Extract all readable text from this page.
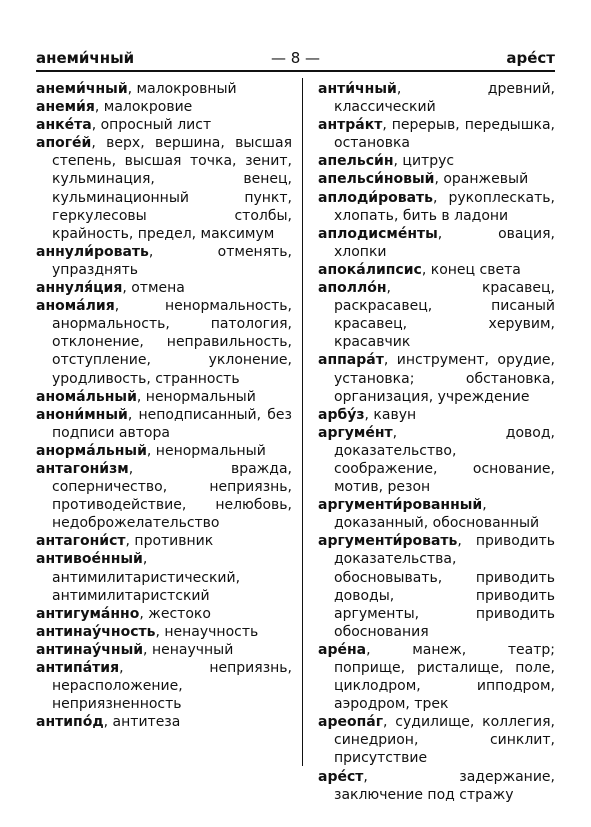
анеми́чный	— 8 —	аре́ст

анеми́чный, малокровный

анеми́я, малокровие

анке́та, опросный лист

апоге́й, верх, вершина, высшая степень, высшая точка, зенит, кульминация, венец, кульминационный пункт, геркулесовы столбы, крайность, предел, максимум

аннули́ровать, отменять, упразднять

аннуля́ция, отмена

анома́лия, ненормальность, анормальность, патология, отклонение, неправильность, отступление, уклонение, уродливость, странность

анома́льный, ненормальный

анони́мный, неподписанный, без подписи автора

анорма́льный, ненормальный

антагони́зм, вражда, соперничество, неприязнь, противодействие, нелюбовь, недоброжелательство

антагони́ст, противник

антивое́нный, антимилитаристический, антимилитаристский

антигума́нно, жестоко

антинау́чность, ненаучность

антинау́чный, ненаучный

антипа́тия, неприязнь, нерасположение, неприязненность

антипо́д, антитеза

анти́чный, древний, классический

антра́кт, перерыв, передышка, остановка

апельси́н, цитрус

апельси́новый, оранжевый

аплоди́ровать, рукоплескать, хлопать, бить в ладони

аплодисме́нты, овация, хлопки

апока́липсис, конец света

аполло́н, красавец, раскрасавец, писаный красавец, херувим, красавчик

аппара́т, инструмент, орудие, установка; обстановка, организация, учреждение

арбу́з, кавун

аргуме́нт, довод, доказательство, соображение, основание, мотив, резон

аргументи́рованный, доказанный, обоснованный

аргументи́ровать, приводить доказательства, обосновывать, приводить доводы, приводить аргументы, приводить обоснования

аре́на, манеж, театр; поприще, ристалище, поле, циклодром, ипподром, аэродром, трек

ареопа́г, судилище, коллегия, синедрион, синклит, присутствие

аре́ст, задержание, заключение под стражу
